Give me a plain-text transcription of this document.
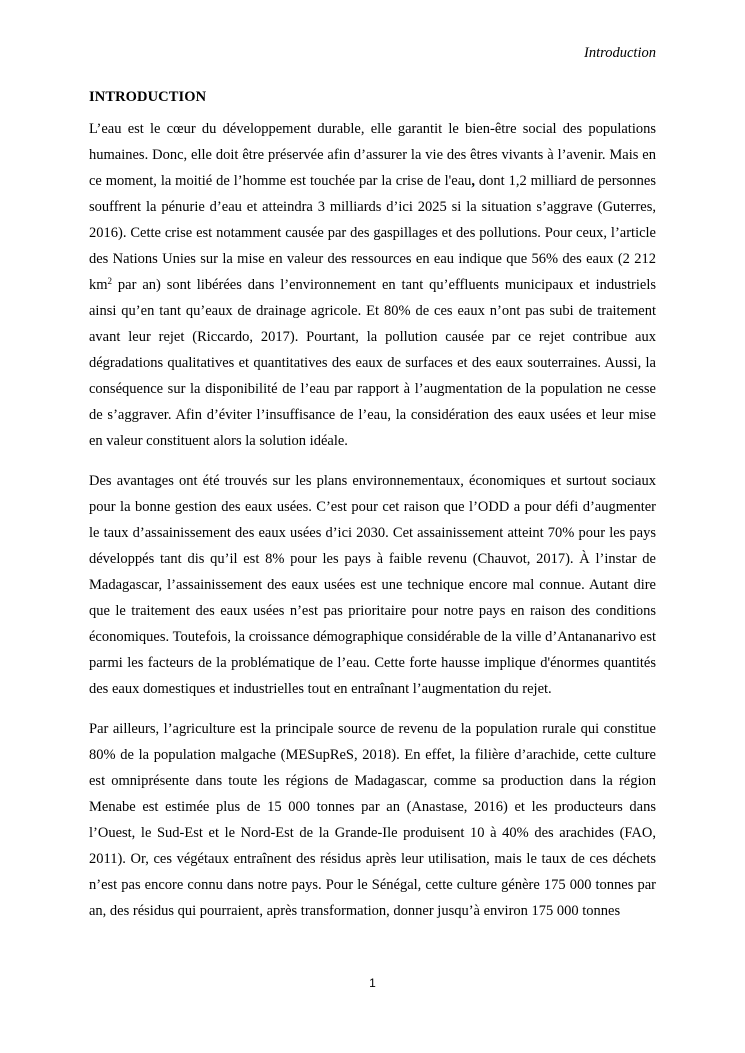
Introduction
INTRODUCTION

L’eau est le cœur du développement durable, elle garantit le bien-être social des populations humaines. Donc, elle doit être préservée afin d’assurer la vie des êtres vivants à l’avenir. Mais en ce moment, la moitié de l’homme est touchée par la crise de l'eau, dont 1,2 milliard de personnes souffrent la pénurie d’eau et atteindra 3 milliards d’ici 2025 si la situation s’aggrave (Guterres, 2016). Cette crise est notamment causée par des gaspillages et des pollutions. Pour ceux, l’article des Nations Unies sur la mise en valeur des ressources en eau indique que 56% des eaux (2 212 $km^2$ par an) sont libérées dans l’environnement en tant qu’effluents municipaux et industriels ainsi qu’en tant qu’eaux de drainage agricole. Et 80% de ces eaux n’ont pas subi de traitement avant leur rejet (Riccardo, 2017). Pourtant, la pollution causée par ce rejet contribue aux dégradations qualitatives et quantitatives des eaux de surfaces et des eaux souterraines. Aussi, la conséquence sur la disponibilité de l’eau par rapport à l’augmentation de la population ne cesse de s’aggraver. Afin d’éviter l’insuffisance de l’eau, la considération des eaux usées et leur mise en valeur constituent alors la solution idéale.

Des avantages ont été trouvés sur les plans environnementaux, économiques et surtout sociaux pour la bonne gestion des eaux usées. C’est pour cet raison que l’ODD a pour défi d’augmenter le taux d’assainissement des eaux usées d’ici 2030. Cet assainissement atteint 70% pour les pays développés tant dis qu’il est 8% pour les pays à faible revenu (Chauvot, 2017). À l’instar de Madagascar, l’assainissement des eaux usées est une technique encore mal connue. Autant dire que le traitement des eaux usées n’est pas prioritaire pour notre pays en raison des conditions économiques. Toutefois, la croissance démographique considérable de la ville d’Antananarivo est parmi les facteurs de la problématique de l’eau. Cette forte hausse implique d'énormes quantités des eaux domestiques et industrielles tout en entraînant l’augmentation du rejet.

Par ailleurs, l’agriculture est la principale source de revenu de la population rurale qui constitue 80% de la population malgache (MESupReS, 2018). En effet, la filière d’arachide, cette culture est omniprésente dans toute les régions de Madagascar, comme sa production dans la région Menabe est estimée plus de 15 000 tonnes par an (Anastase, 2016) et les producteurs dans l’Ouest, le Sud-Est et le Nord-Est de la Grande-Ile produisent 10 à 40% des arachides (FAO, 2011). Or, ces végétaux entraînent des résidus après leur utilisation, mais le taux de ces déchets n’est pas encore connu dans notre pays. Pour le Sénégal, cette culture génère 175 000 tonnes par an, des résidus qui pourraient, après transformation, donner jusqu’à environ 175 000 tonnes

1
